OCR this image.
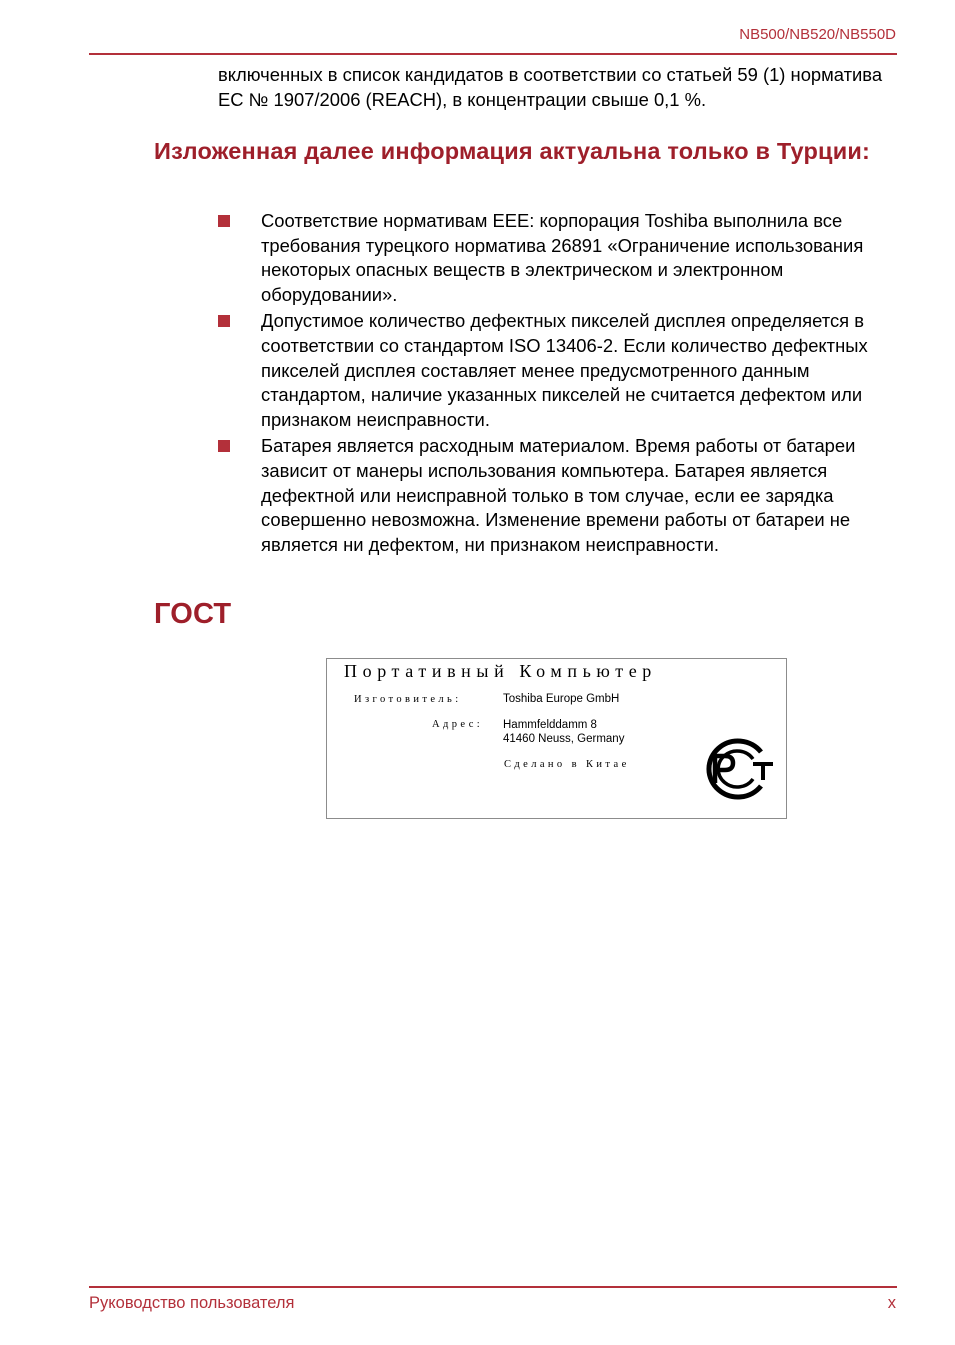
NB500/NB520/NB550D

включенных в список кандидатов в соответствии со статьей 59 (1) норматива ЕС № 1907/2006 (REACH), в концентрации свыше 0,1 %.

Изложенная далее информация актуальна только в Турции:
Соответствие нормативам EEE: корпорация Toshiba выполнила все требования турецкого норматива 26891 «Ограничение использования некоторых опасных веществ в электрическом и электронном оборудовании».
Допустимое количество дефектных пикселей дисплея определяется в соответствии со стандартом ISO 13406-2. Если количество дефектных пикселей дисплея составляет менее предусмотренного данным стандартом, наличие указанных пикселей не считается дефектом или признаком неисправности.
Батарея является расходным материалом. Время работы от батареи зависит от манеры использования компьютера. Батарея является дефектной или неисправной только в том случае, если ее зарядка совершенно невозможна. Изменение времени работы от батареи не является ни дефектом, ни признаком неисправности.
ГОСТ
Портативный Компьютер
Изготовитель:	Toshiba Europe GmbH
Адрес: Hammfelddamm 8
41460 Neuss, Germany
Сделано в Китае
Руководство пользователя	x
